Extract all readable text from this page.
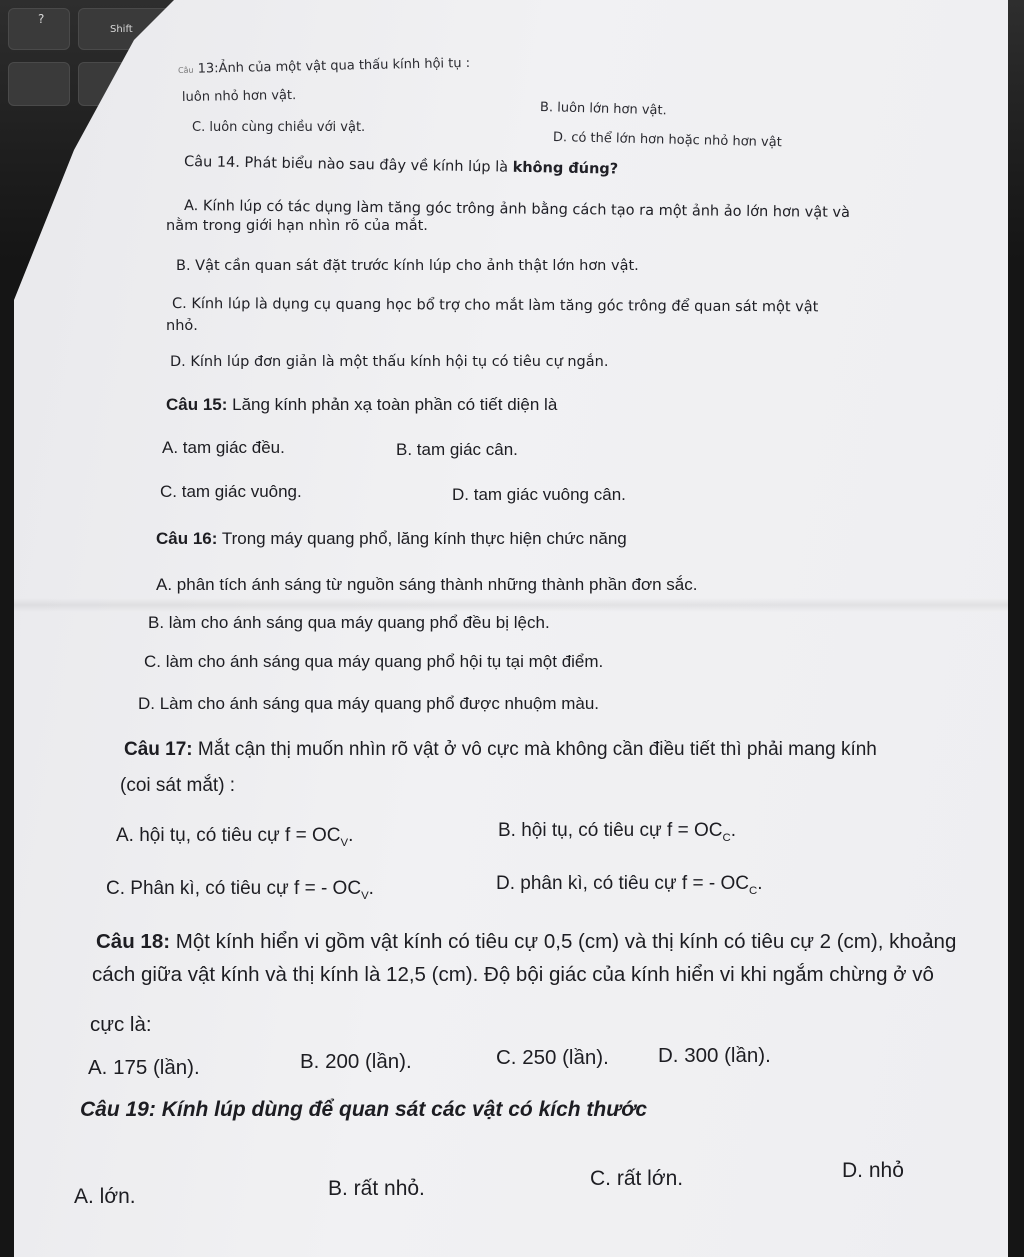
?
Shift
Câu 13:Ảnh của một vật qua thấu kính hội tụ :
luôn nhỏ hơn vật.
B. luôn lớn hơn vật.
C. luôn cùng chiều với vật.
D. có thể lớn hơn hoặc nhỏ hơn vật
Câu 14. Phát biểu nào sau đây về kính lúp là không đúng?
A. Kính lúp có tác dụng làm tăng góc trông ảnh bằng cách tạo ra một ảnh ảo lớn hơn vật và
B. Vật cần quan sát đặt trước kính lúp cho ảnh thật lớn hơn vật.
C. Kính lúp là dụng cụ quang học bổ trợ cho mắt làm tăng góc trông để quan sát một vật
nhỏ.
D. Kính lúp đơn giản là một thấu kính hội tụ có tiêu cự ngắn.
Câu 15: Lăng kính phản xạ toàn phần có tiết diện là
A. tam giác đều.	B. tam giác cân.
C. tam giác vuông.	D. tam giác vuông cân.
Câu 16: Trong máy quang phổ, lăng kính thực hiện chức năng
A. phân tích ánh sáng từ nguồn sáng thành những thành phần đơn sắc.
B. làm cho ánh sáng qua máy quang phổ đều bị lệch.
C. làm cho ánh sáng qua máy quang phổ hội tụ tại một điểm.
D. Làm cho ánh sáng qua máy quang phổ được nhuộm màu.
Câu 17: Mắt cận thị muốn nhìn rõ vật ở vô cực mà không cần điều tiết thì phải mang kính
(coi sát mắt) :
A. hội tụ, có tiêu cự $f = OC_V$.	B. hội tụ, có tiêu cự $f = OC_C$.
C. Phân kì, có tiêu cự f = - $OC_V$.	D. phân kì, có tiêu cự f = - $OC_C$.
Câu 18: Một kính hiển vi gồm vật kính có tiêu cự 0,5 (cm) và thị kính có tiêu cự 2 (cm), khoảng
cách giữa vật kính và thị kính là 12,5 (cm). Độ bội giác của kính hiển vi khi ngắm chừng ở vô
cực là:
A. 175 (lần).	B. 200 (lần).	C. 250 (lần). D. 300 (lần).
Câu 19: Kính lúp dùng để quan sát các vật có kích thước
A. lớn.	B. rất nhỏ.	C. rất lớn.	D. nhỏ
nằm trong giới hạn nhìn rõ của mắt.
